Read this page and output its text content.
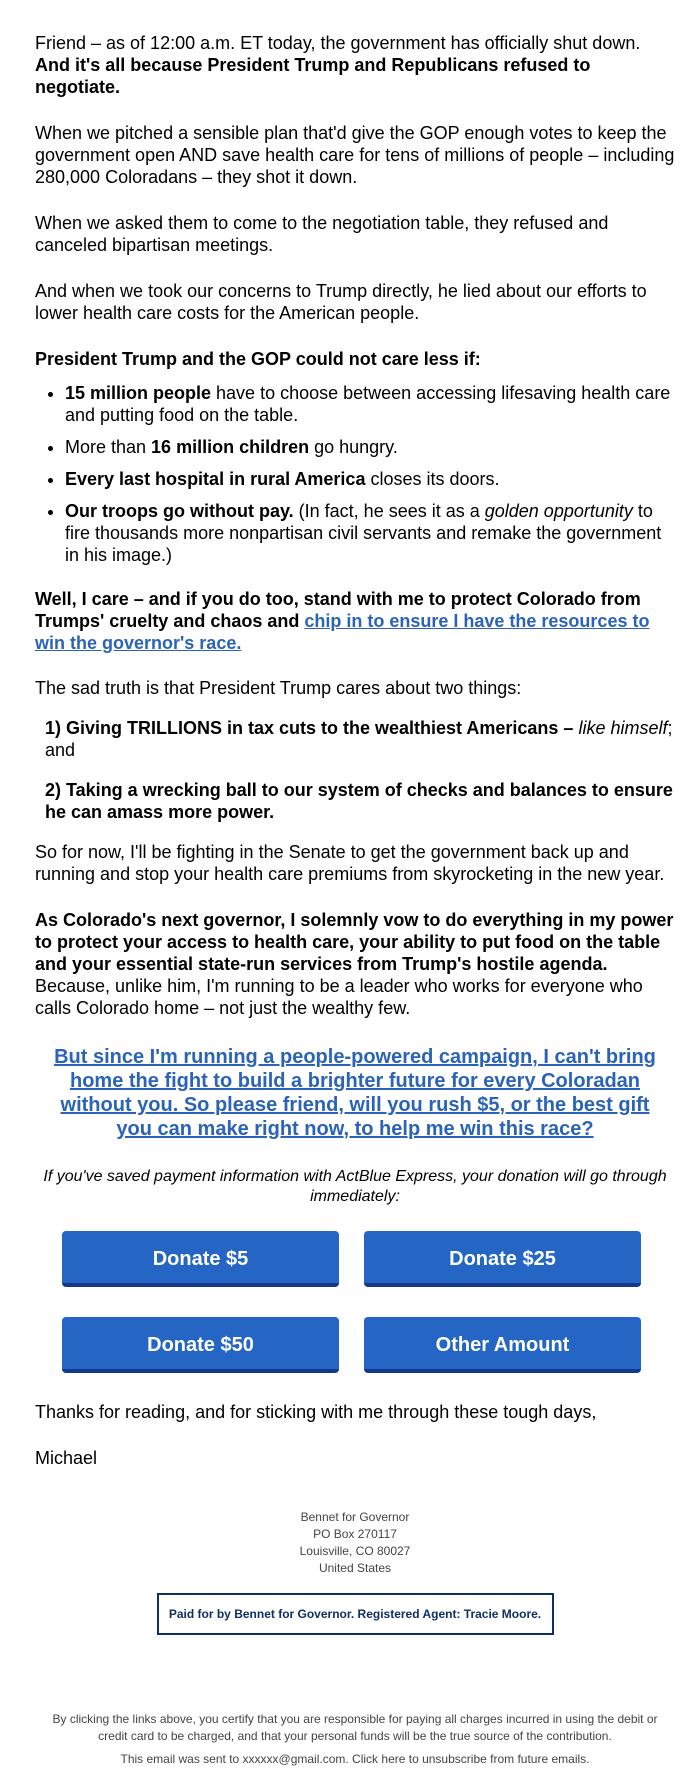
Friend – as of 12:00 a.m. ET today, the government has officially shut down.
And it's all because President Trump and Republicans refused to negotiate.

When we pitched a sensible plan that'd give the GOP enough votes to keep the government open AND save health care for tens of millions of people – including 280,000 Coloradans – they shot it down.

When we asked them to come to the negotiation table, they refused and canceled bipartisan meetings.

And when we took our concerns to Trump directly, he lied about our efforts to lower health care costs for the American people.

President Trump and the GOP could not care less if:

• 15 million people have to choose between accessing lifesaving health care and putting food on the table.
• More than 16 million children go hungry.
• Every last hospital in rural America closes its doors.
• Our troops go without pay. (In fact, he sees it as a golden opportunity to fire thousands more nonpartisan civil servants and remake the government in his image.)

Well, I care – and if you do too, stand with me to protect Colorado from Trumps' cruelty and chaos and chip in to ensure I have the resources to win the governor's race.

The sad truth is that President Trump cares about two things:

1) Giving TRILLIONS in tax cuts to the wealthiest Americans – like himself; and

2) Taking a wrecking ball to our system of checks and balances to ensure he can amass more power.

So for now, I'll be fighting in the Senate to get the government back up and running and stop your health care premiums from skyrocketing in the new year.

As Colorado's next governor, I solemnly vow to do everything in my power to protect your access to health care, your ability to put food on the table and your essential state-run services from Trump's hostile agenda. Because, unlike him, I'm running to be a leader who works for everyone who calls Colorado home – not just the wealthy few.

But since I'm running a people-powered campaign, I can't bring home the fight to build a brighter future for every Coloradan without you. So please friend, will you rush $5, or the best gift you can make right now, to help me win this race?

If you've saved payment information with ActBlue Express, your donation will go through immediately:

Donate $5	Donate $25
Donate $50	Other Amount

Thanks for reading, and for sticking with me through these tough days,

Michael

Bennet for Governor
PO Box 270117
Louisville, CO 80027
United States
Paid for by Bennet for Governor. Registered Agent: Tracie Moore.
By clicking the links above, you certify that you are responsible for paying all charges incurred in using the debit or credit card to be charged, and that your personal funds will be the true source of the contribution.
This email was sent to xxxxxx@gmail.com. Click here to unsubscribe from future emails.
